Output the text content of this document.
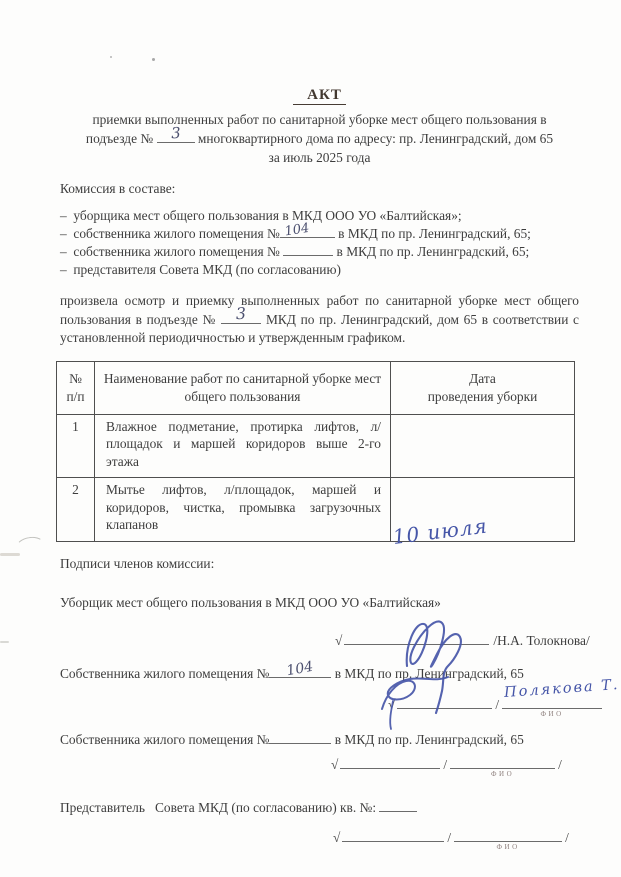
АКТ
приемки выполненных работ по санитарной уборке мест общего пользования в
подъезде №	3	многоквартирного дома по адресу: пр. Ленинградский, дом 65
за июль 2025 года
Комиссия в составе:
–  уборщика мест общего пользования в МКД ООО УО «Балтийская»;
–  собственника жилого помещения № 104	в МКД по пр. Ленинградский, 65;
–  собственника жилого помещения №	в МКД по пр. Ленинградский, 65;
–  представителя Совета МКД (по согласованию)

произвела осмотр и приемку выполненных работ по санитарной уборке мест общего пользования в подъезде №	3	МКД по пр. Ленинградский, дом 65 в соответствии с установленной периодичностью и утвержденным графиком.

№
п/п	Наименование работ по санитарной уборке мест общего пользования	Дата
проведения уборки
1	Влажное подметание, протирка лифтов, л/площадок и маршей коридоров выше 2-го этажа	
2	Мытье лифтов, л/площадок, маршей и коридоров, чистка, промывка загрузочных клапанов	10 июля
Подписи членов комиссии:
Уборщик мест общего пользования в МКД ООО УО «Балтийская»
√	/Н.А. Толокнова/
Собственника жилого помещения №	104	в МКД по пр. Ленинградский, 65
√	/
Полякова Т.
ФИО
Собственника жилого помещения №	в МКД по пр. Ленинградский, 65
√	/
ФИО
/
Представитель   Совета МКД (по согласованию) кв. №:
√	/
ФИО
/
